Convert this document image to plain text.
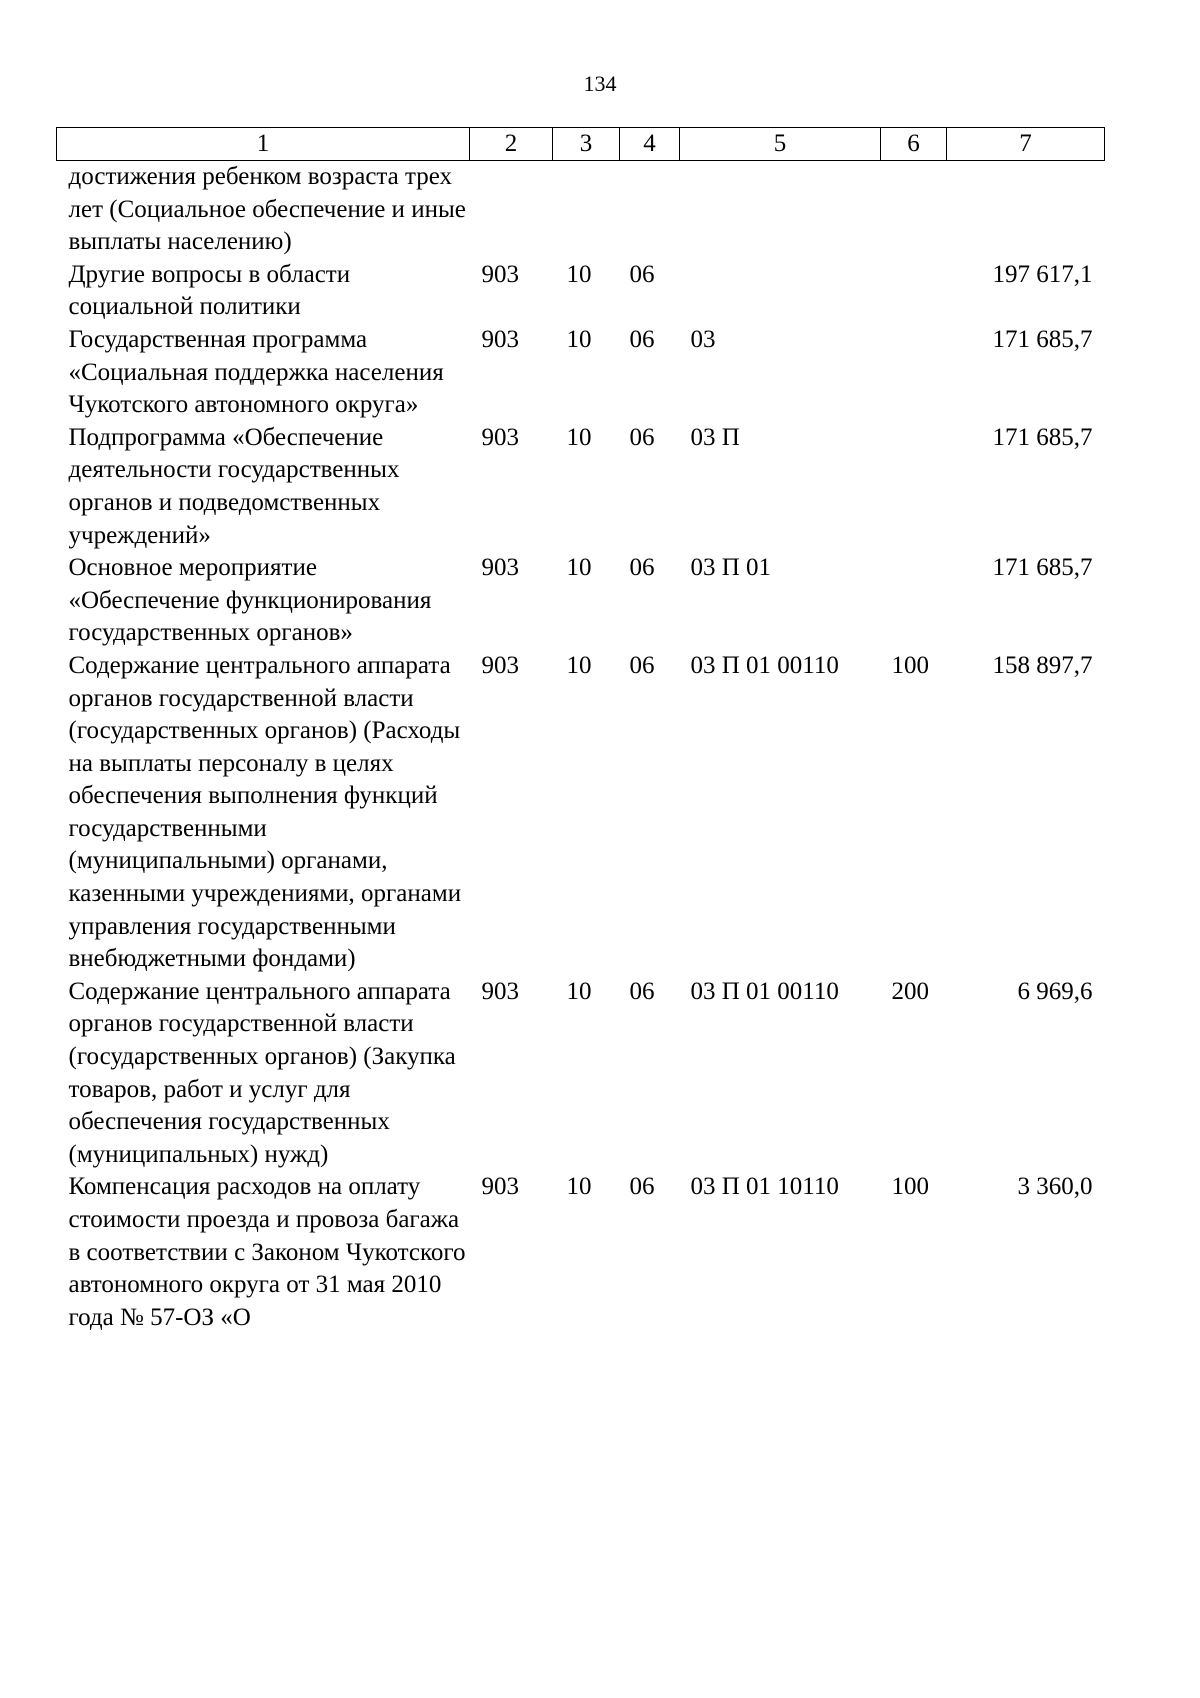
134
1	2	3	4	5	6	7
достижения ребенком возраста трех лет (Социальное обеспечение и иные выплаты населению)						
Другие вопросы в области социальной политики	903	10	06			197 617,1
Государственная программа «Социальная поддержка населения Чукотского автономного округа»	903	10	06	03		171 685,7
Подпрограмма «Обеспечение деятельности государственных органов и подведомственных учреждений»	903	10	06	03 П		171 685,7
Основное мероприятие «Обеспечение функционирования государственных органов»	903	10	06	03 П 01		171 685,7
Содержание центрального аппарата органов государственной власти (государственных органов) (Расходы на выплаты персоналу в целях обеспечения выполнения функций государственными (муниципальными) органами, казенными учреждениями, органами управления государственными внебюджетными фондами)	903	10	06	03 П 01 00110	100	158 897,7
Содержание центрального аппарата органов государственной власти (государственных органов) (Закупка товаров, работ и услуг для обеспечения государственных (муниципальных) нужд)	903	10	06	03 П 01 00110	200	6 969,6
Компенсация расходов на оплату стоимости проезда и провоза багажа в соответствии с Законом Чукотского автономного округа от 31 мая 2010 года № 57-ОЗ «О	903	10	06	03 П 01 10110	100	3 360,0
